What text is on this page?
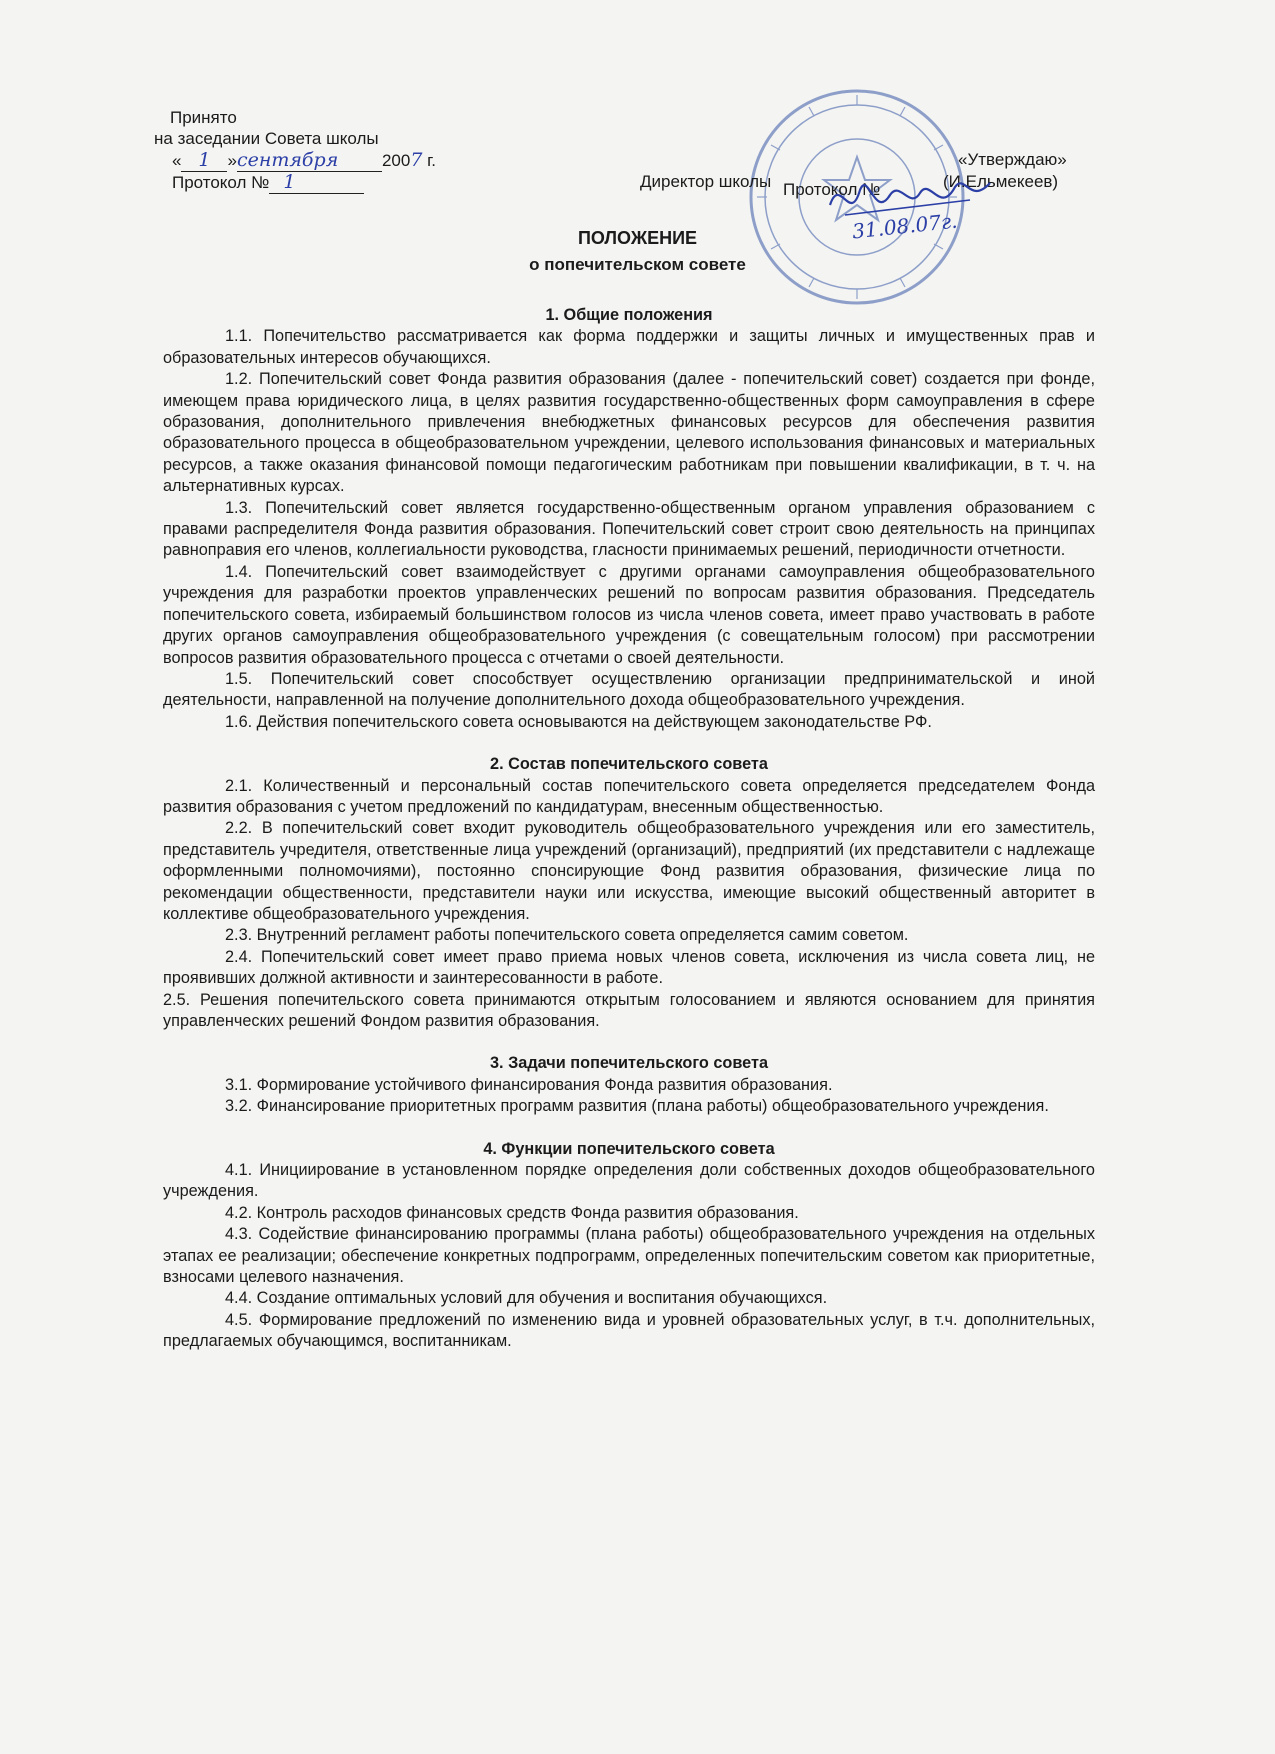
Принято
на заседании Совета школы
« 1 »сентября	2007 г.
Протокол № 1
«Утверждаю»
Директор школы Протокол №	(И.Ельмекеев)
31.08.07г.
ПОЛОЖЕНИЕ
о попечительском совете

1. Общие положения

1.1. Попечительство рассматривается как форма поддержки и защиты личных и имущественных прав и образовательных интересов обучающихся.

1.2. Попечительский совет Фонда развития образования (далее - попечительский совет) создается при фонде, имеющем права юридического лица, в целях развития государственно-общественных форм самоуправления в сфере образования, дополнительного привлечения внебюджетных финансовых ресурсов для обеспечения развития образовательного процесса в общеобразовательном учреждении, целевого использования финансовых и материальных ресурсов, а также оказания финансовой помощи педагогическим работникам при повышении квалификации, в т. ч. на альтернативных курсах.

1.3. Попечительский совет является государственно-общественным органом управления образованием с правами распределителя Фонда развития образования. Попечительский совет строит свою деятельность на принципах равноправия его членов, коллегиальности руководства, гласности принимаемых решений, периодичности отчетности.

1.4. Попечительский совет взаимодействует с другими органами самоуправления общеобразовательного учреждения для разработки проектов управленческих решений по вопросам развития образования. Председатель попечительского совета, избираемый большинством голосов из числа членов совета, имеет право участвовать в работе других органов самоуправления общеобразовательного учреждения (с совещательным голосом) при рассмотрении вопросов развития образовательного процесса с отчетами о своей деятельности.

1.5. Попечительский совет способствует осуществлению организации предпринимательской и иной деятельности, направленной на получение дополнительного дохода общеобразовательного учреждения.

1.6. Действия попечительского совета основываются на действующем законодательстве РФ.

2. Состав попечительского совета

2.1. Количественный и персональный состав попечительского совета определяется председателем Фонда развития образования с учетом предложений по кандидатурам, внесенным общественностью.

2.2. В попечительский совет входит руководитель общеобразовательного учреждения или его заместитель, представитель учредителя, ответственные лица учреждений (организаций), предприятий (их представители с надлежаще оформленными полномочиями), постоянно спонсирующие Фонд развития образования, физические лица по рекомендации общественности, представители науки или искусства, имеющие высокий общественный авторитет в коллективе общеобразовательного учреждения.

2.3. Внутренний регламент работы попечительского совета определяется самим советом.

2.4. Попечительский совет имеет право приема новых членов совета, исключения из числа совета лиц, не проявивших должной активности и заинтересованности в работе.

2.5. Решения попечительского совета принимаются открытым голосованием и являются основанием для принятия управленческих решений Фондом развития образования.

3. Задачи попечительского совета

3.1. Формирование устойчивого финансирования Фонда развития образования.

3.2. Финансирование приоритетных программ развития (плана работы) общеобразовательного учреждения.

4. Функции попечительского совета

4.1. Инициирование в установленном порядке определения доли собственных доходов общеобразовательного учреждения.

4.2. Контроль расходов финансовых средств Фонда развития образования.

4.3. Содействие финансированию программы (плана работы) общеобразовательного учреждения на отдельных этапах ее реализации; обеспечение конкретных подпрограмм, определенных попечительским советом как приоритетные, взносами целевого назначения.

4.4. Создание оптимальных условий для обучения и воспитания обучающихся.

4.5. Формирование предложений по изменению вида и уровней образовательных услуг, в т.ч. дополнительных, предлагаемых обучающимся, воспитанникам.
